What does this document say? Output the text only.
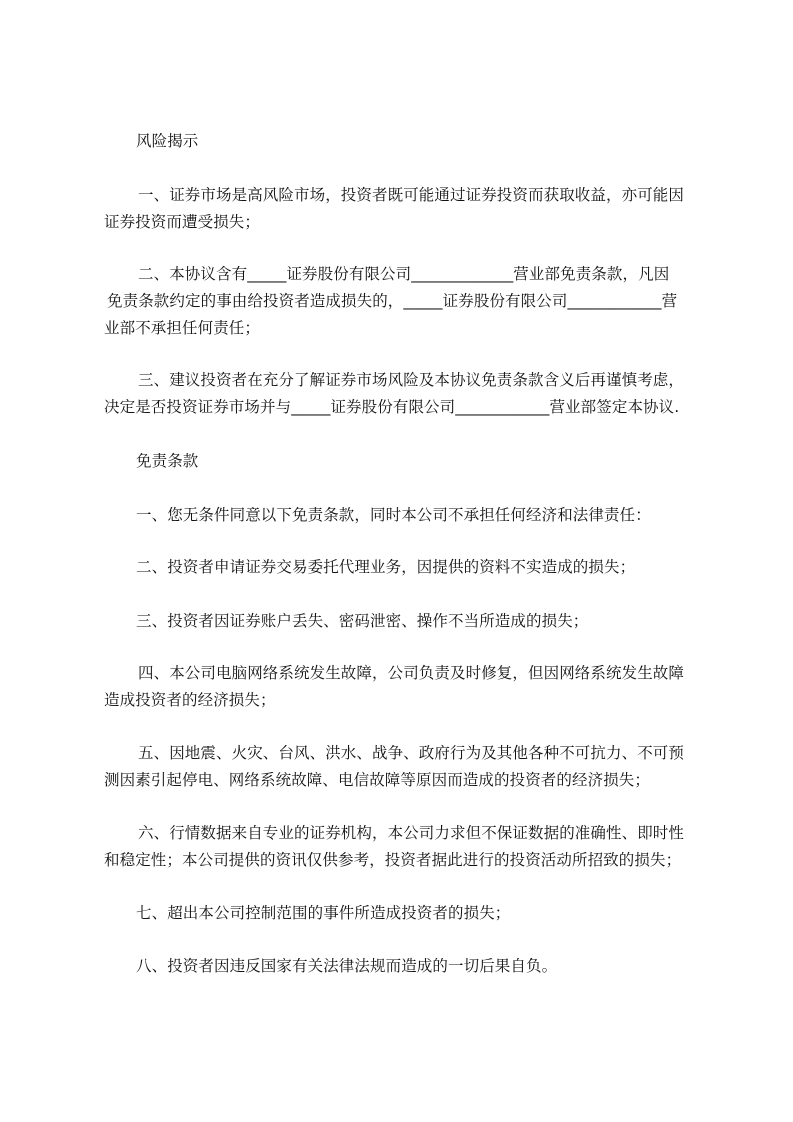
风险揭示

一、证券市场是高风险市场，投资者既可能通过证券投资而获取收益，亦可能因

证券投资而遭受损失；

二、本协议含有_____证券股份有限公司_____________营业部免责条款，凡因

免责条款约定的事由给投资者造成损失的，_____证券股份有限公司____________营

业部不承担任何责任；

三、建议投资者在充分了解证券市场风险及本协议免责条款含义后再谨慎考虑，

决定是否投资证券市场并与_____证券股份有限公司____________营业部签定本协议.

免责条款

一、您无条件同意以下免责条款，同时本公司不承担任何经济和法律责任：

二、投资者申请证券交易委托代理业务，因提供的资料不实造成的损失；

三、投资者因证券账户丢失、密码泄密、操作不当所造成的损失；

四、本公司电脑网络系统发生故障，公司负责及时修复，但因网络系统发生故障

造成投资者的经济损失；

五、因地震、火灾、台风、洪水、战争、政府行为及其他各种不可抗力、不可预

测因素引起停电、网络系统故障、电信故障等原因而造成的投资者的经济损失；

六、行情数据来自专业的证券机构，本公司力求但不保证数据的准确性、即时性

和稳定性；本公司提供的资讯仅供参考，投资者据此进行的投资活动所招致的损失；

七、超出本公司控制范围的事件所造成投资者的损失；

八、投资者因违反国家有关法律法规而造成的一切后果自负。
